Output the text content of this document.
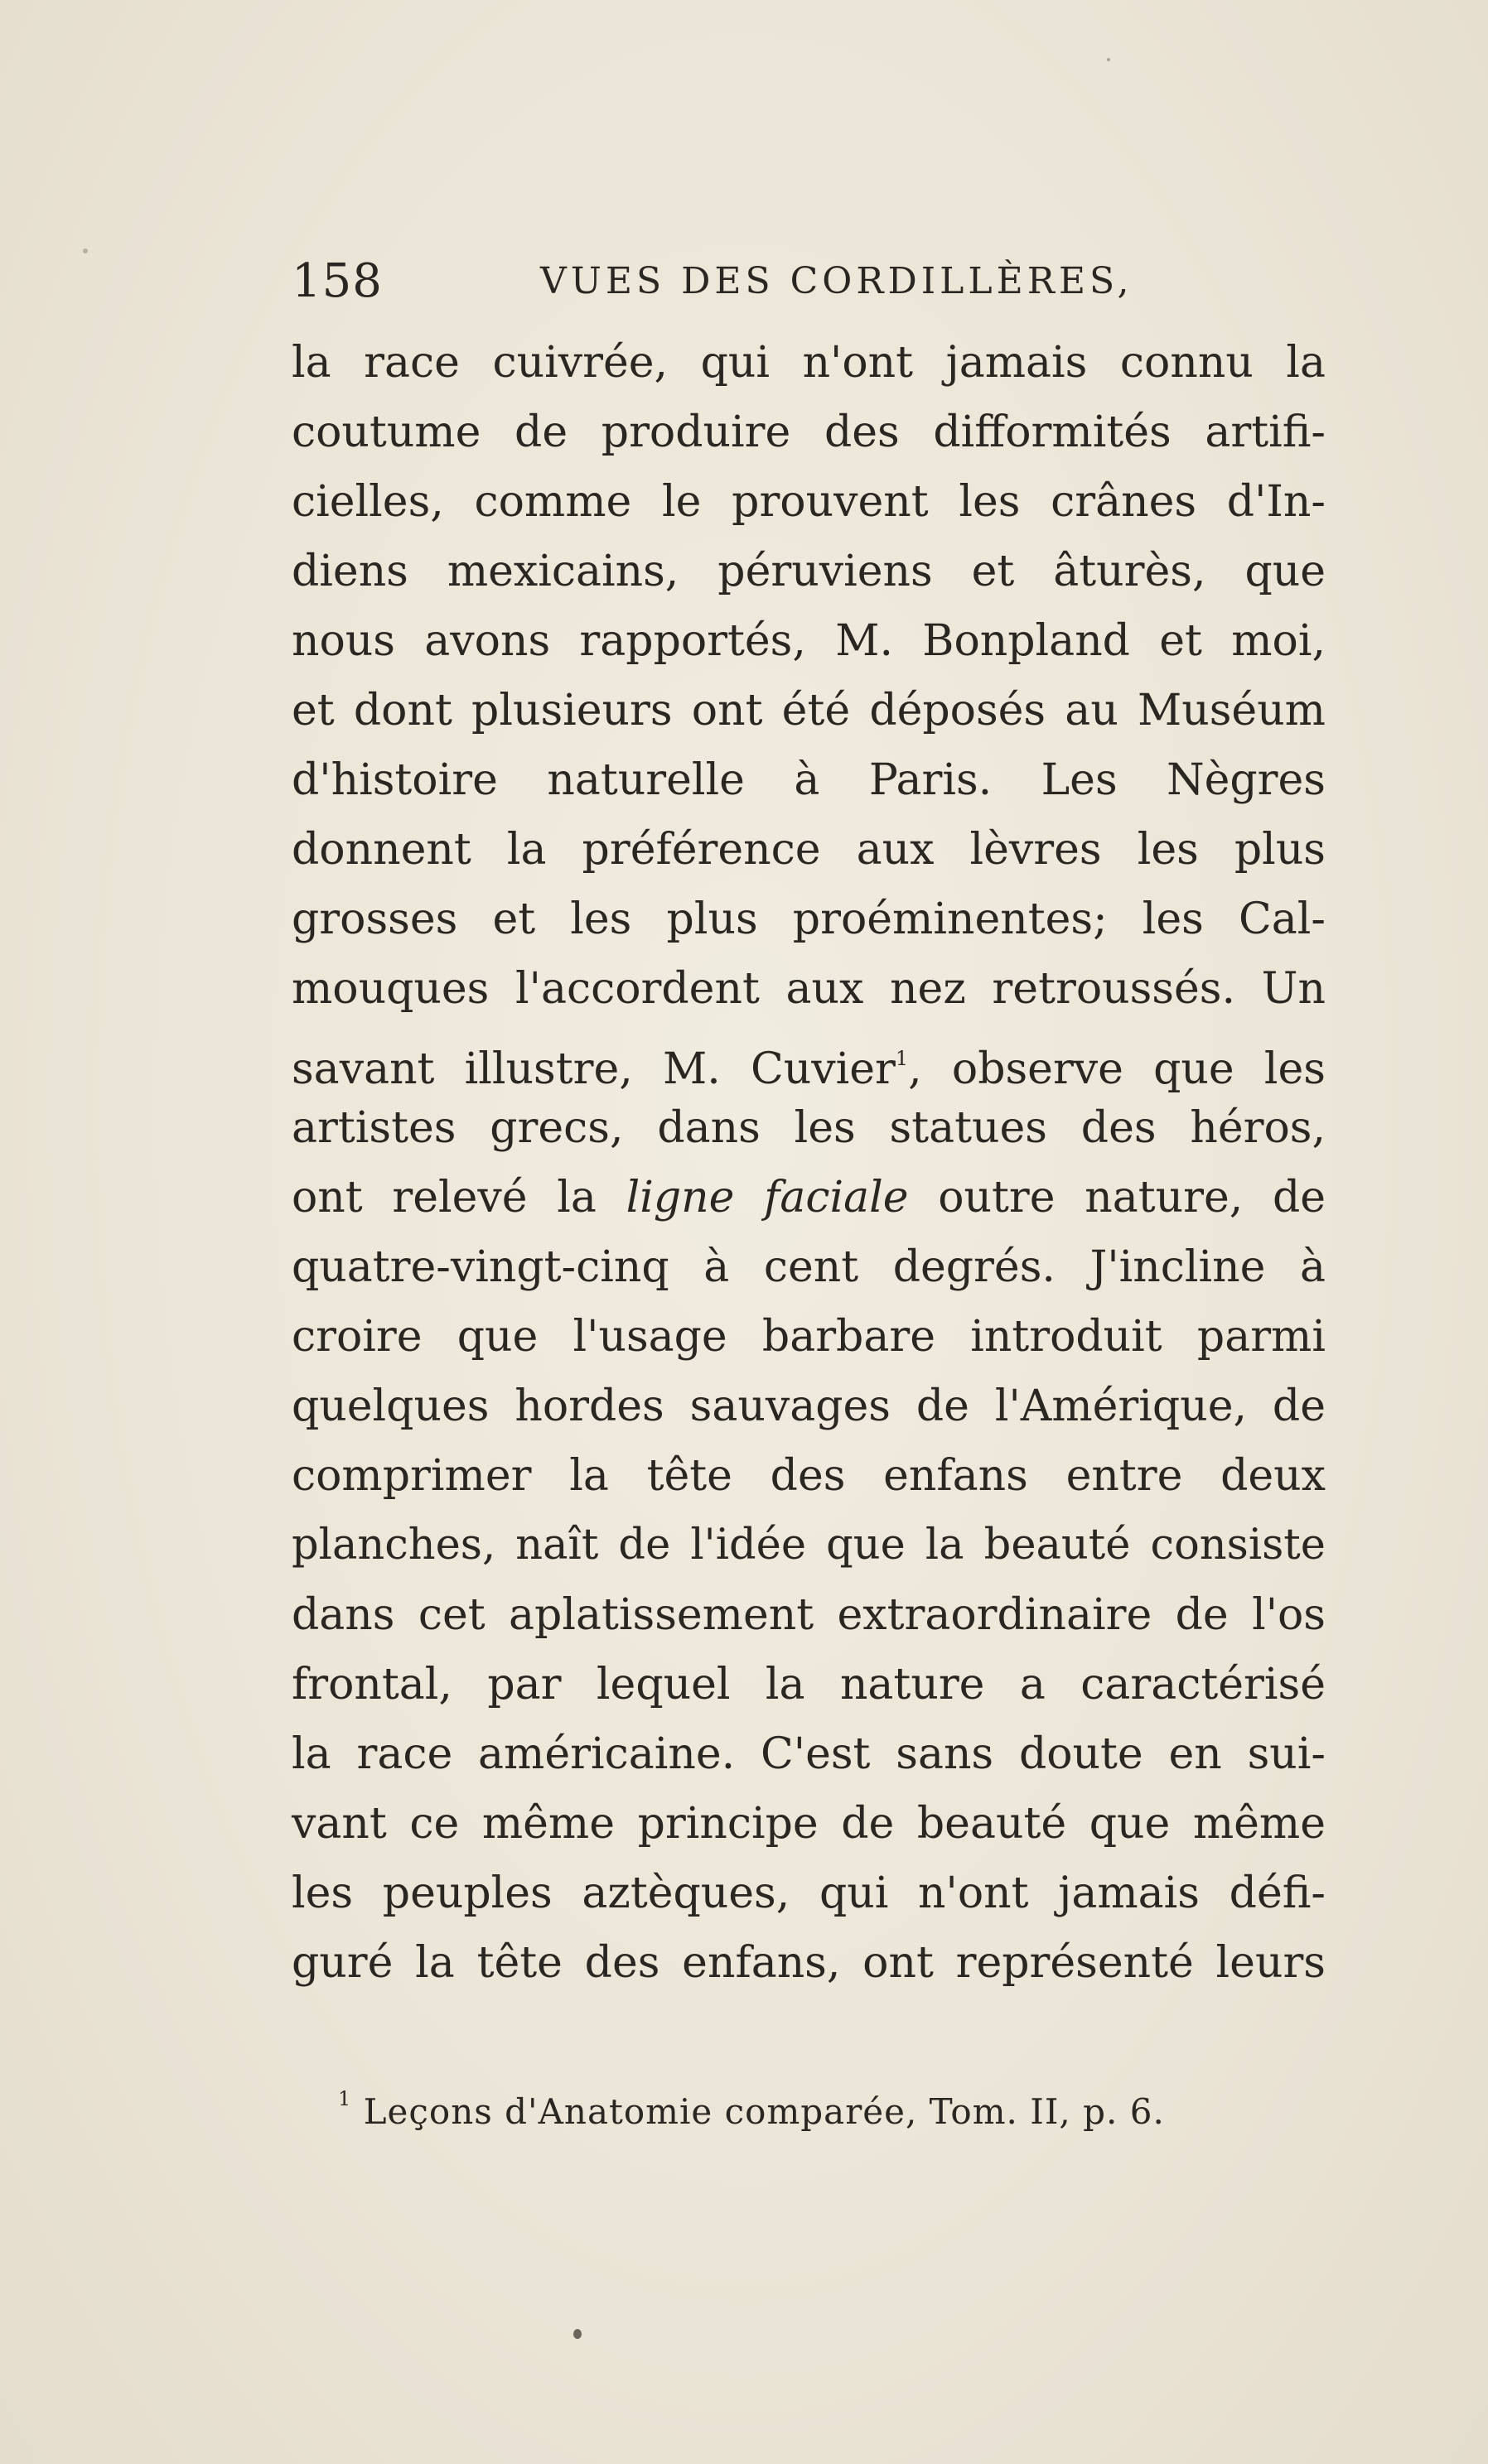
158	VUES DES CORDILLÈRES,
la race cuivrée, qui n'ont jamais connu la
coutume de produire des difformités artifi-
cielles, comme le prouvent les crânes d'In-
diens mexicains, péruviens et âturès, que
nous avons rapportés, M. Bonpland et moi,
et dont plusieurs ont été déposés au Muséum
d'histoire naturelle à Paris. Les Nègres
donnent la préférence aux lèvres les plus
grosses et les plus proéminentes; les Cal-
mouques l'accordent aux nez retroussés. Un
savant illustre, M. Cuvier$^1$, observe que les
artistes grecs, dans les statues des héros,
ont relevé la ligne faciale outre nature, de
quatre-vingt-cinq à cent degrés. J'incline à
croire que l'usage barbare introduit parmi
quelques hordes sauvages de l'Amérique, de
comprimer la tête des enfans entre deux
planches, naît de l'idée que la beauté consiste
dans cet aplatissement extraordinaire de l'os
frontal, par lequel la nature a caractérisé
la race américaine. C'est sans doute en sui-
vant ce même principe de beauté que même
les peuples aztèques, qui n'ont jamais défi-
guré la tête des enfans, ont représenté leurs
$^1$ Leçons d'Anatomie comparée, Tom. II, p. 6.
